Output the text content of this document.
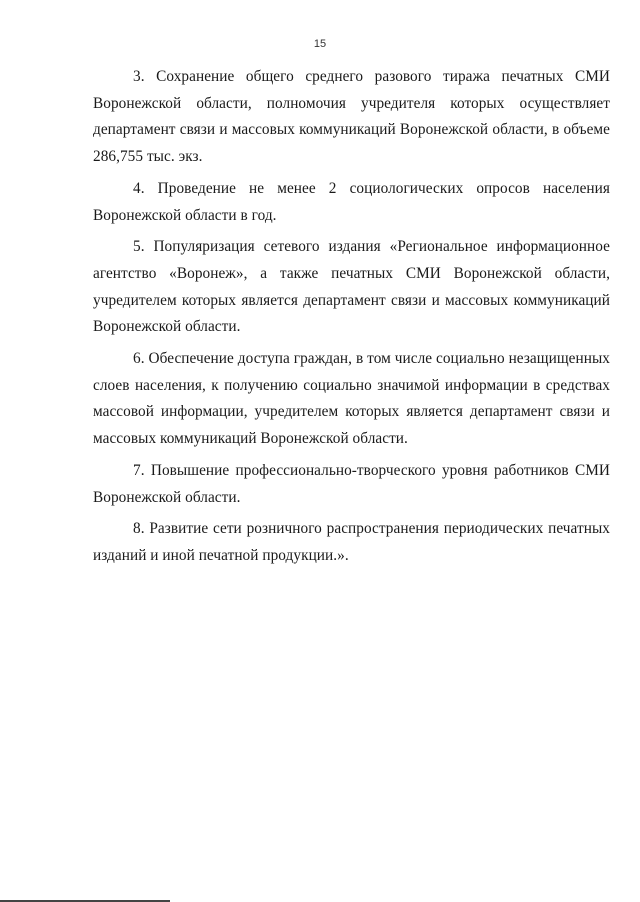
15

3. Сохранение общего среднего разового тиража печатных СМИ Воронежской области, полномочия учредителя которых осуществляет департамент связи и массовых коммуникаций Воронежской области, в объеме 286,755 тыс. экз.

4. Проведение не менее 2 социологических опросов населения Воронежской области в год.

5. Популяризация сетевого издания «Региональное информационное агентство «Воронеж», а также печатных СМИ Воронежской области, учредителем которых является департамент связи и массовых коммуникаций Воронежской области.

6. Обеспечение доступа граждан, в том числе социально незащищенных слоев населения, к получению социально значимой информации в средствах массовой информации, учредителем которых является департамент связи и массовых коммуникаций Воронежской области.

7. Повышение профессионально-творческого уровня работников СМИ Воронежской области.

8. Развитие сети розничного распространения периодических печатных изданий и иной печатной продукции.».
